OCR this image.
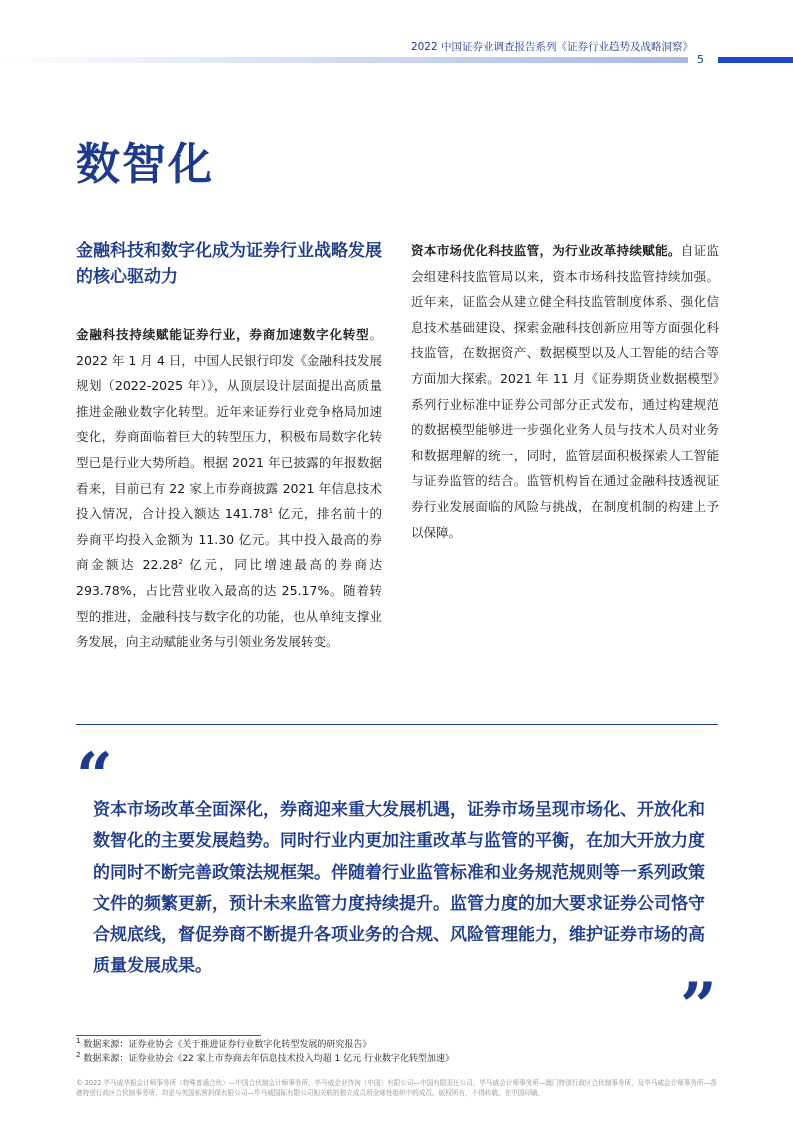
2022 中国证券业调查报告系列《证券行业趋势及战略洞察》
5
数智化
金融科技和数字化成为证券行业战略发展的核心驱动力

金融科技持续赋能证券行业，券商加速数字化转型。2022 年 1 月 4 日，中国人民银行印发《金融科技发展规划（2022-2025 年）》，从顶层设计层面提出高质量推进金融业数字化转型。近年来证券行业竞争格局加速变化，券商面临着巨大的转型压力，积极布局数字化转型已是行业大势所趋。根据 2021 年已披露的年报数据看来，目前已有 22 家上市券商披露 2021 年信息技术投入情况，合计投入额达 141.78$^1$ 亿元，排名前十的券商平均投入金额为 11.30 亿元。其中投入最高的券商金额达 22.28$^2$ 亿元，同比增速最高的券商达 293.78%，占比营业收入最高的达 25.17%。随着转型的推进，金融科技与数字化的功能，也从单纯支撑业务发展，向主动赋能业务与引领业务发展转变。

资本市场优化科技监管，为行业改革持续赋能。自证监会组建科技监管局以来，资本市场科技监管持续加强。近年来，证监会从建立健全科技监管制度体系、强化信息技术基础建设、探索金融科技创新应用等方面强化科技监管，在数据资产、数据模型以及人工智能的结合等方面加大探索。2021 年 11 月《证券期货业数据模型》系列行业标准中证券公司部分正式发布，通过构建规范的数据模型能够进一步强化业务人员与技术人员对业务和数据理解的统一，同时，监管层面积极探索人工智能与证券监管的结合。监管机构旨在通过金融科技透视证券行业发展面临的风险与挑战，在制度机制的构建上予以保障。

“

资本市场改革全面深化，券商迎来重大发展机遇，证券市场呈现市场化、开放化和数智化的主要发展趋势。同时行业内更加注重改革与监管的平衡，在加大开放力度的同时不断完善政策法规框架。伴随着行业监管标准和业务规范规则等一系列政策文件的频繁更新，预计未来监管力度持续提升。监管力度的加大要求证券公司恪守合规底线，督促券商不断提升各项业务的合规、风险管理能力，维护证券市场的高质量发展成果。

”
$^1$ 数据来源：证券业协会《关于推进证券行业数字化转型发展的研究报告》
$^2$ 数据来源：证券业协会《22 家上市券商去年信息技术投入均超 1 亿元 行业数字化转型加速》
© 2022 毕马威华振会计师事务所（特殊普通合伙）—中国合伙制会计师事务所，毕马威企业咨询（中国）有限公司—中国有限责任公司，毕马威会计师事务所—澳门特别行政区合伙制事务所，及毕马威会计师事务所—香港特别行政区合伙制事务所，均是与英国私营担保有限公司—毕马威国际有限公司相关联的独立成员所全球性组织中的成员。版权所有，不得转载。在中国印刷。
